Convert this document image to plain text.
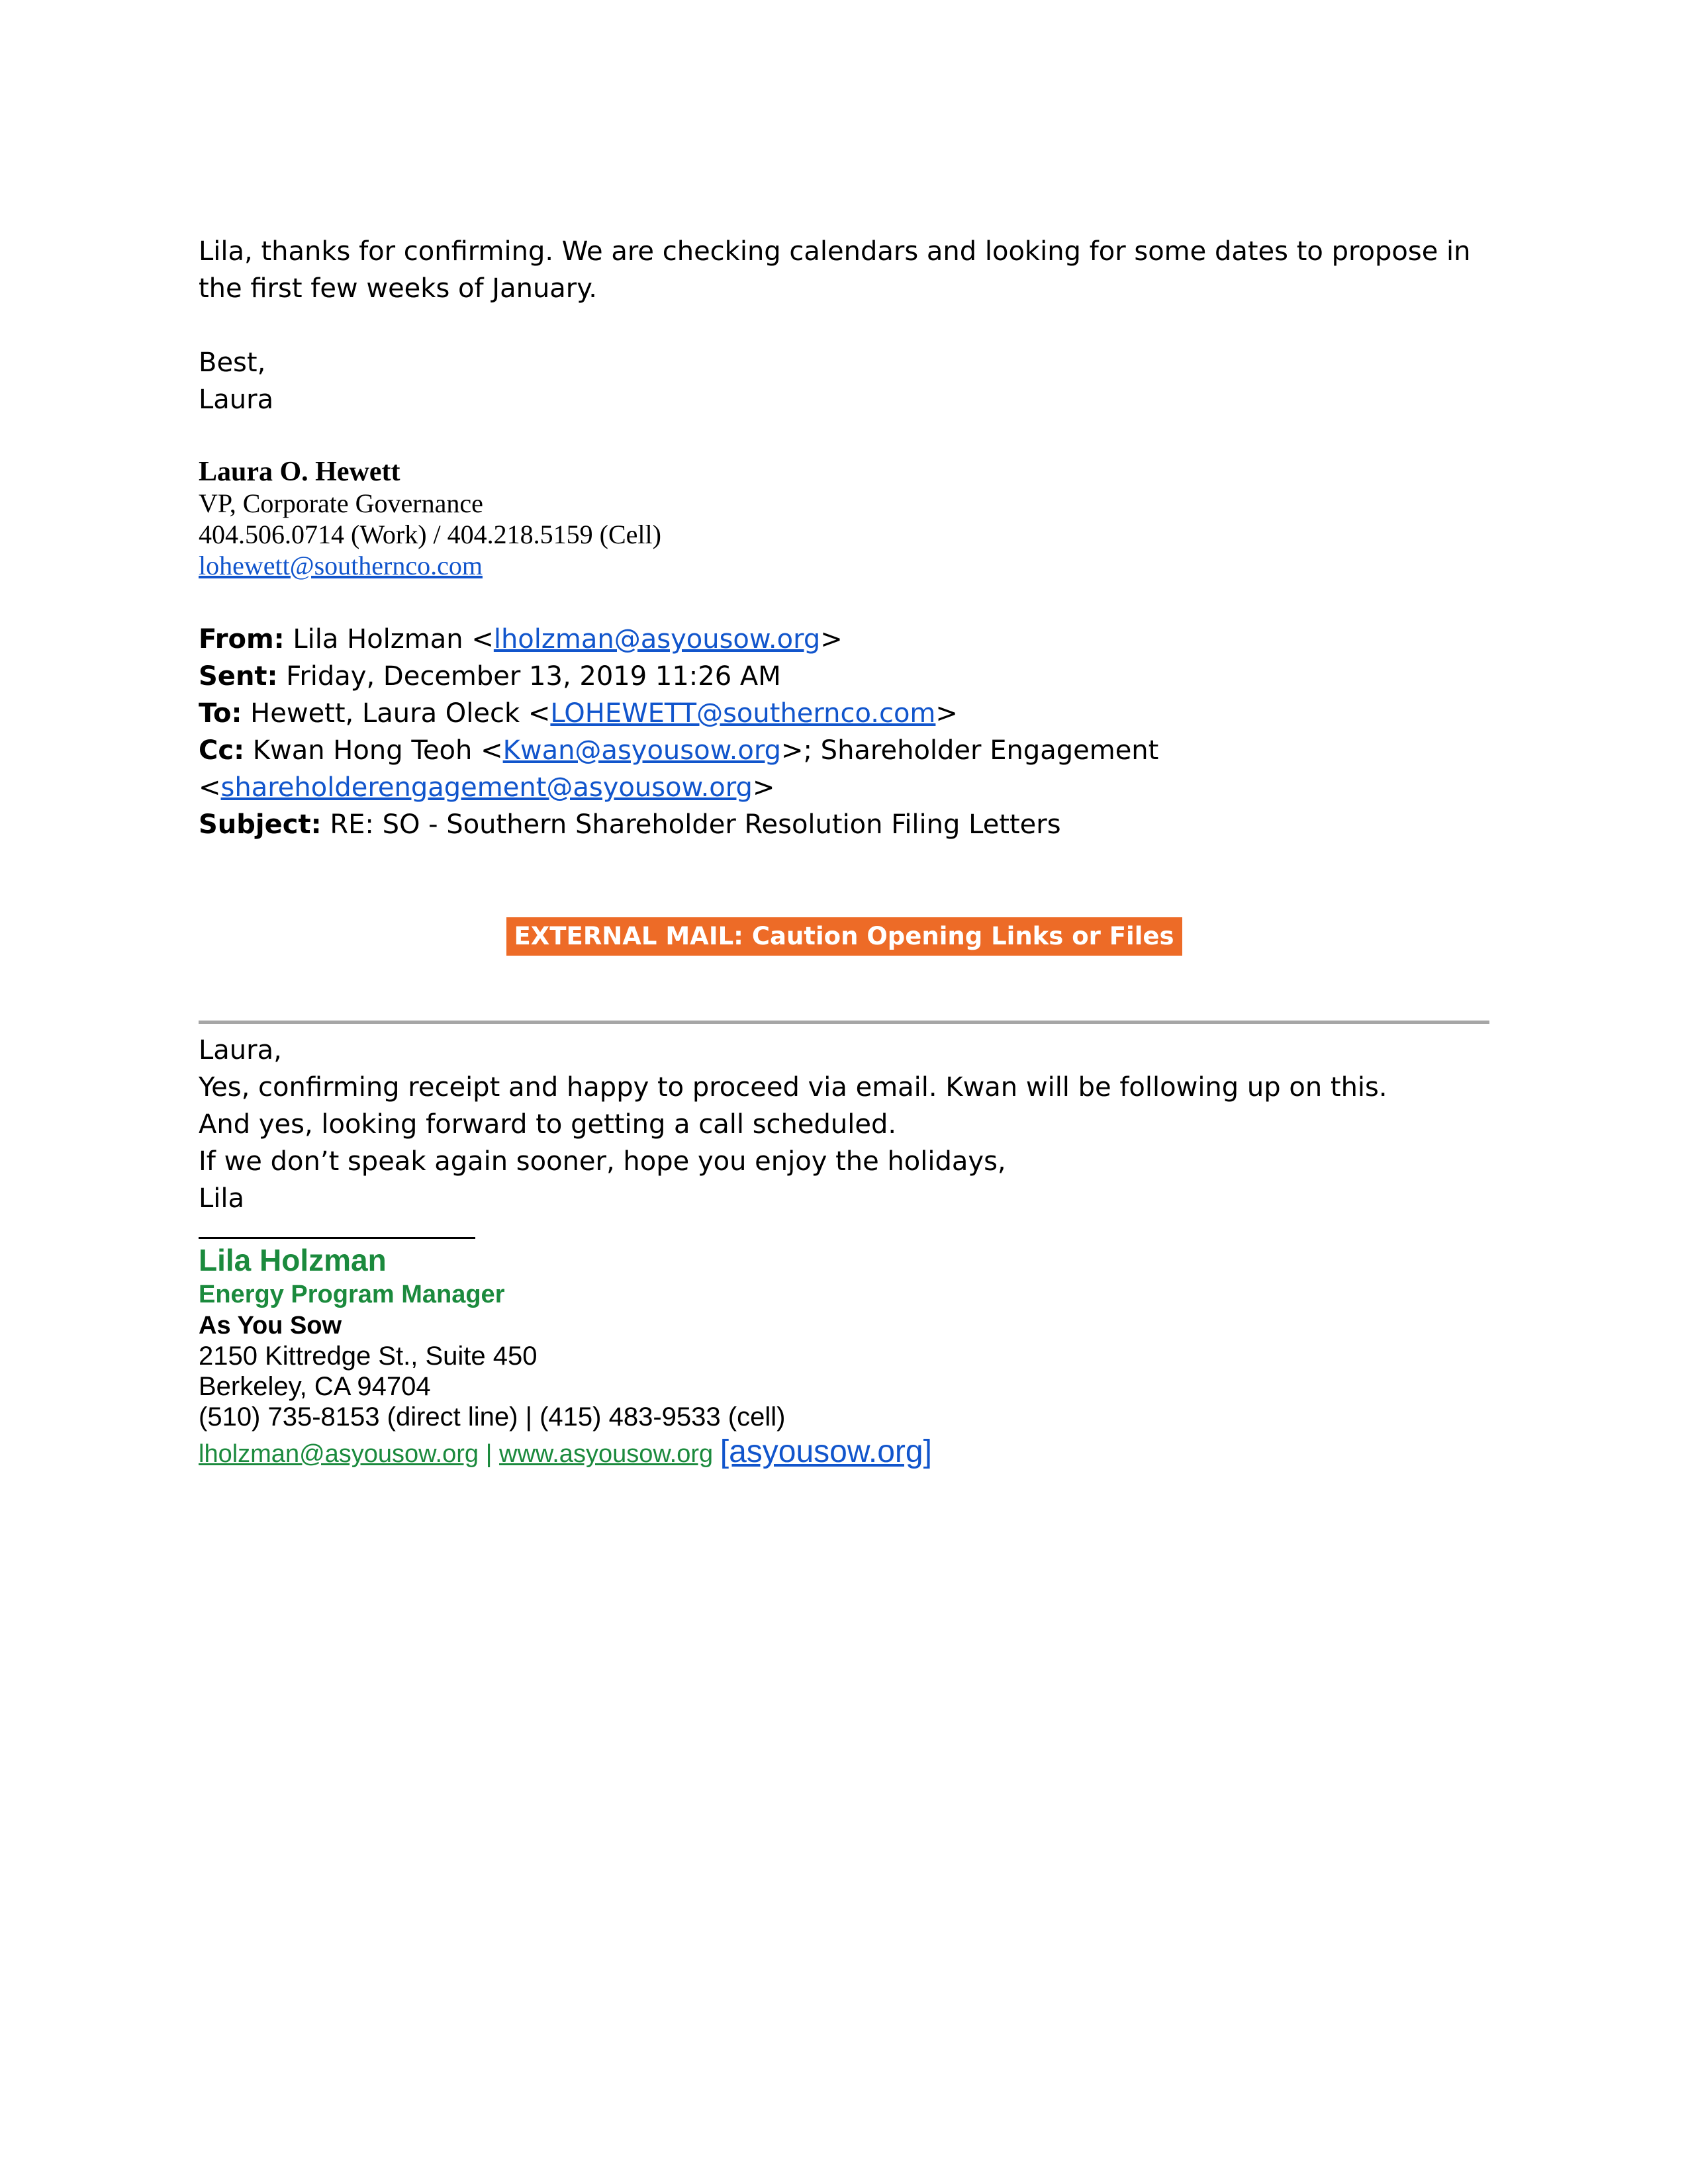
Lila, thanks for confirming. We are checking calendars and looking for some dates to propose in the first few weeks of January.

Best,

Laura

Laura O. Hewett
VP, Corporate Governance
404.506.0714 (Work) / 404.218.5159 (Cell)
lohewett@southernco.com

From: Lila Holzman <lholzman@asyousow.org>

Sent: Friday, December 13, 2019 11:26 AM

To: Hewett, Laura Oleck <LOHEWETT@southernco.com>

Cc: Kwan Hong Teoh <Kwan@asyousow.org>; Shareholder Engagement

<shareholderengagement@asyousow.org>

Subject: RE: SO - Southern Shareholder Resolution Filing Letters

EXTERNAL MAIL: Caution Opening Links or Files

Laura,

Yes, confirming receipt and happy to proceed via email. Kwan will be following up on this.

And yes, looking forward to getting a call scheduled.

If we don’t speak again sooner, hope you enjoy the holidays,

Lila

Lila Holzman
Energy Program Manager
As You Sow
2150 Kittredge St., Suite 450
Berkeley, CA 94704
(510) 735-8153 (direct line) | (415) 483-9533 (cell)
lholzman@asyousow.org | www.asyousow.org [asyousow.org]
